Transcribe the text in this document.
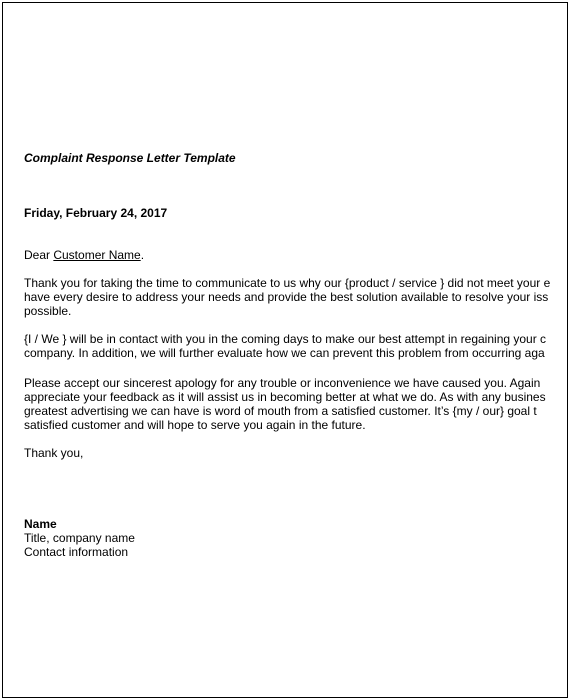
Complaint Response Letter Template
Friday, February 24, 2017
Dear Customer Name.
Thank you for taking the time to communicate to us why our {product / service } did not meet your e
have every desire to address your needs and provide the best solution available to resolve your iss
possible.
{I / We } will be in contact with you in the coming days to make our best attempt in regaining your c
company. In addition, we will further evaluate how we can prevent this problem from occurring aga
Please accept our sincerest apology for any trouble or inconvenience we have caused you. Again
appreciate your feedback as it will assist us in becoming better at what we do. As with any busines
greatest advertising we can have is word of mouth from a satisfied customer. It’s {my / our} goal t
satisfied customer and will hope to serve you again in the future.
Thank you,
Name
Title, company name
Contact information
